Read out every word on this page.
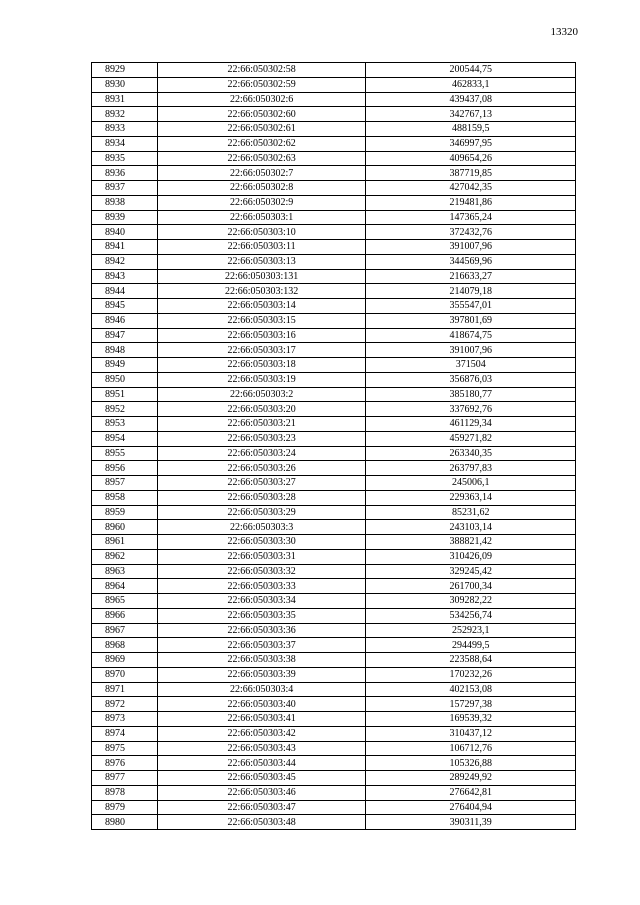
13320
8929	22:66:050302:58	200544,75
8930	22:66:050302:59	462833,1
8931	22:66:050302:6	439437,08
8932	22:66:050302:60	342767,13
8933	22:66:050302:61	488159,5
8934	22:66:050302:62	346997,95
8935	22:66:050302:63	409654,26
8936	22:66:050302:7	387719,85
8937	22:66:050302:8	427042,35
8938	22:66:050302:9	219481,86
8939	22:66:050303:1	147365,24
8940	22:66:050303:10	372432,76
8941	22:66:050303:11	391007,96
8942	22:66:050303:13	344569,96
8943	22:66:050303:131	216633,27
8944	22:66:050303:132	214079,18
8945	22:66:050303:14	355547,01
8946	22:66:050303:15	397801,69
8947	22:66:050303:16	418674,75
8948	22:66:050303:17	391007,96
8949	22:66:050303:18	371504
8950	22:66:050303:19	356876,03
8951	22:66:050303:2	385180,77
8952	22:66:050303:20	337692,76
8953	22:66:050303:21	461129,34
8954	22:66:050303:23	459271,82
8955	22:66:050303:24	263340,35
8956	22:66:050303:26	263797,83
8957	22:66:050303:27	245006,1
8958	22:66:050303:28	229363,14
8959	22:66:050303:29	85231,62
8960	22:66:050303:3	243103,14
8961	22:66:050303:30	388821,42
8962	22:66:050303:31	310426,09
8963	22:66:050303:32	329245,42
8964	22:66:050303:33	261700,34
8965	22:66:050303:34	309282,22
8966	22:66:050303:35	534256,74
8967	22:66:050303:36	252923,1
8968	22:66:050303:37	294499,5
8969	22:66:050303:38	223588,64
8970	22:66:050303:39	170232,26
8971	22:66:050303:4	402153,08
8972	22:66:050303:40	157297,38
8973	22:66:050303:41	169539,32
8974	22:66:050303:42	310437,12
8975	22:66:050303:43	106712,76
8976	22:66:050303:44	105326,88
8977	22:66:050303:45	289249,92
8978	22:66:050303:46	276642,81
8979	22:66:050303:47	276404,94
8980	22:66:050303:48	390311,39
